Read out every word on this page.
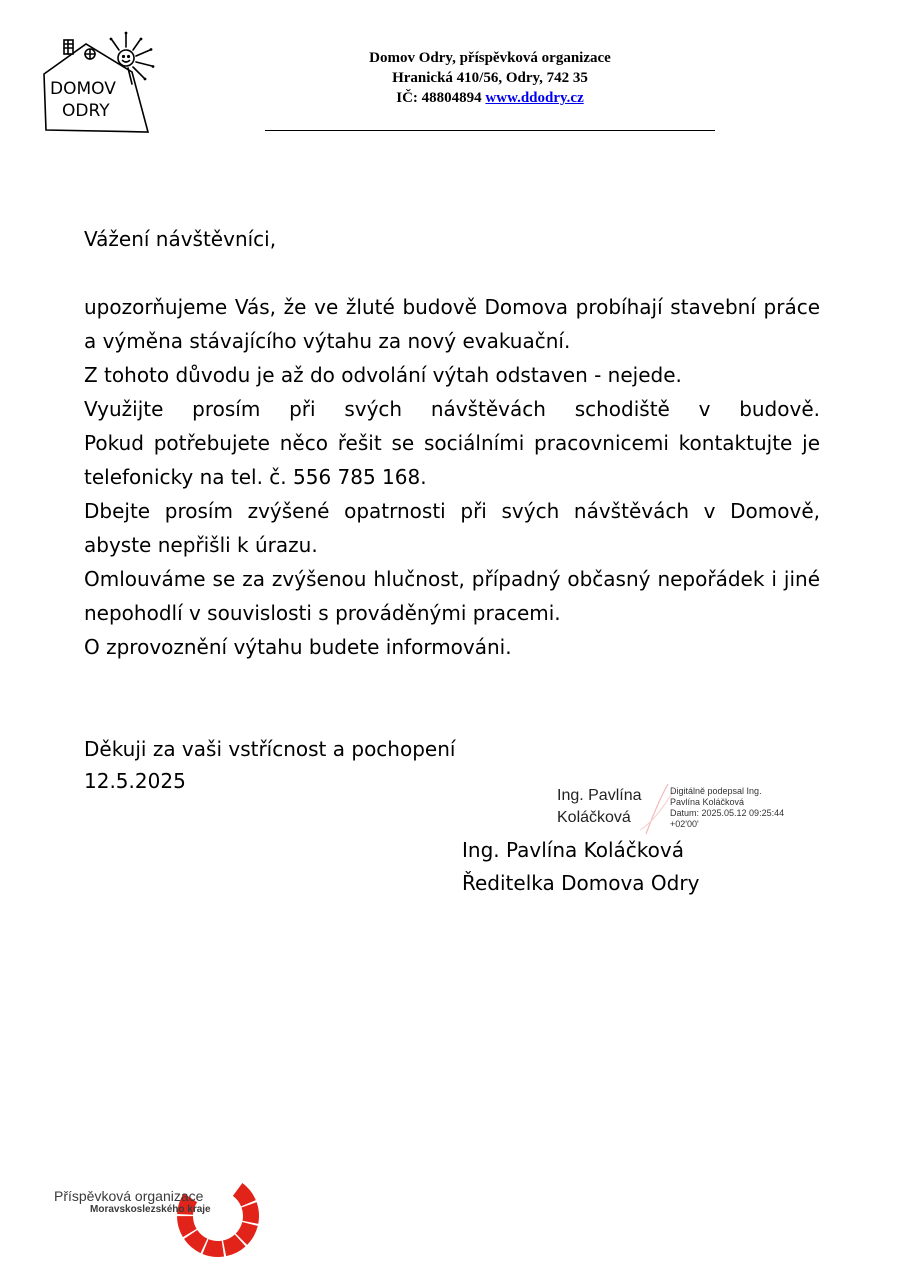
DOMOV
ODRY
Domov Odry, příspěvková organizace
Hranická 410/56, Odry, 742 35
IČ: 48804894 www.ddodry.cz
Vážení návštěvníci,

upozorňujeme Vás, že ve žluté budově Domova probíhají stavební práce a výměna stávajícího výtahu za nový evakuační.

Z tohoto důvodu je až do odvolání výtah odstaven - nejede.

Využijte prosím při svých návštěvách schodiště v budově.

Pokud potřebujete něco řešit se sociálními pracovnicemi kontaktujte je telefonicky na tel. č. 556 785 168.

Dbejte prosím zvýšené opatrnosti při svých návštěvách v Domově, abyste nepřišli k úrazu.

Omlouváme se za zvýšenou hlučnost, případný občasný nepořádek i jiné nepohodlí v souvislosti s prováděnými pracemi.

O zprovoznění výtahu budete informováni.

Děkuji za vaši vstřícnost a pochopení
12.5.2025
Ing. Pavlína
Koláčková
Digitálně podepsal Ing.
Pavlína Koláčková
Datum: 2025.05.12 09:25:44
+02'00'
Ing. Pavlína Koláčková
Ředitelka Domova Odry
Příspěvková organizace
Moravskoslezského kraje
